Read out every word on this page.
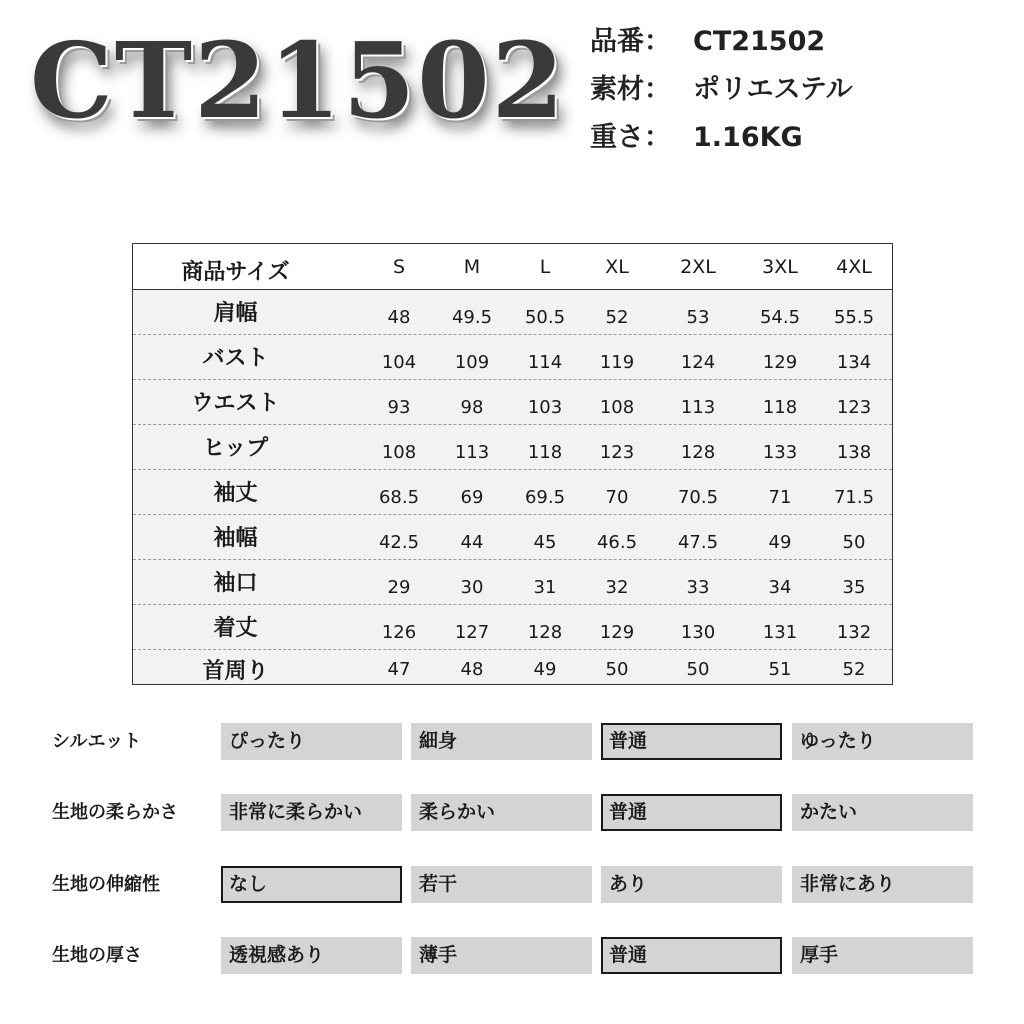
CT21502 品番： CT21502
素材： ポリエステル
重さ： 1.16KG
商品サイズ	S	M	L	XL	2XL	3XL	4XL
肩幅	48	49.5	50.5	52	53	54.5	55.5
バスト	104	109	114	119	124	129	134
ウエスト	93	98	103	108	113	118	123
ヒップ	108	113	118	123	128	133	138
袖丈	68.5	69	69.5	70	70.5	71	71.5
袖幅	42.5	44	45	46.5	47.5	49	50
袖口	29	30	31	32	33	34	35
着丈	126	127	128	129	130	131	132
首周り	47	48	49	50	50	51	52
シルエット	ぴったり	細身	普通	ゆったり
生地の柔らかさ	非常に柔らかい	柔らかい	普通	かたい
生地の伸縮性	なし	若干	あり	非常にあり
生地の厚さ	透視感あり	薄手	普通	厚手
